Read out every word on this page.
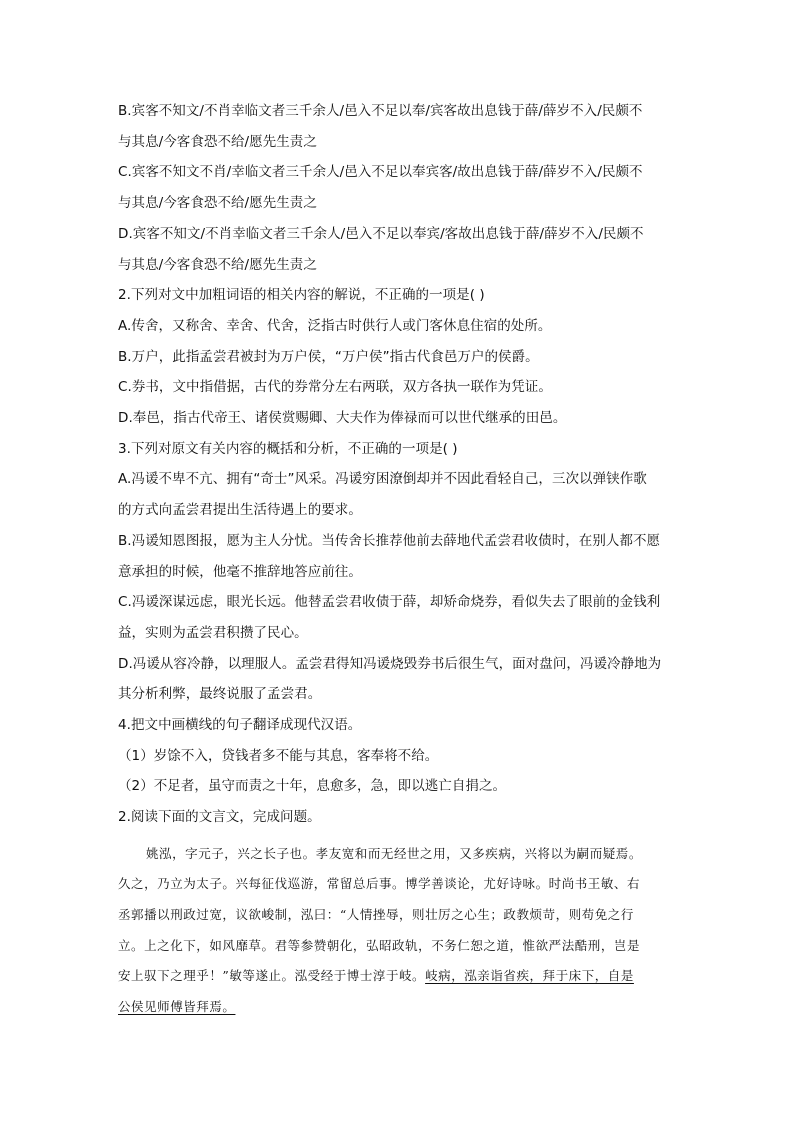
B.宾客不知文/不肖幸临文者三千余人/邑入不足以奉/宾客故出息钱于薛/薛岁不入/民颇不
与其息/今客食恐不给/愿先生责之
C.宾客不知文不肖/幸临文者三千余人/邑入不足以奉宾客/故出息钱于薛/薛岁不入/民颇不
与其息/今客食恐不给/愿先生责之
D.宾客不知文/不肖幸临文者三千余人/邑入不足以奉宾/客故出息钱于薛/薛岁不入/民颇不
与其息/今客食恐不给/愿先生责之
2.下列对文中加粗词语的相关内容的解说，不正确的一项是( )
A.传舍，又称舍、幸舍、代舍，泛指古时供行人或门客休息住宿的处所。
B.万户，此指孟尝君被封为万户侯，“万户侯”指古代食邑万户的侯爵。
C.券书，文中指借据，古代的券常分左右两联，双方各执一联作为凭证。
D.奉邑，指古代帝王、诸侯赏赐卿、大夫作为俸禄而可以世代继承的田邑。
3.下列对原文有关内容的概括和分析，不正确的一项是( )
A.冯谖不卑不亢、拥有“奇士”风采。冯谖穷困潦倒却并不因此看轻自己，三次以弹铗作歌
的方式向孟尝君提出生活待遇上的要求。
B.冯谖知恩图报，愿为主人分忧。当传舍长推荐他前去薛地代孟尝君收债时，在别人都不愿
意承担的时候，他毫不推辞地答应前往。
C.冯谖深谋远虑，眼光长远。他替孟尝君收债于薛，却矫命烧券，看似失去了眼前的金钱利
益，实则为孟尝君积攒了民心。
D.冯谖从容冷静，以理服人。孟尝君得知冯谖烧毁券书后很生气，面对盘问，冯谖冷静地为
其分析利弊，最终说服了孟尝君。
4.把文中画横线的句子翻译成现代汉语。
（1）岁馀不入，贷钱者多不能与其息，客奉将不给。
（2）不足者，虽守而责之十年，息愈多，急，即以逃亡自捐之。
2.阅读下面的文言文，完成问题。
姚泓，字元子，兴之长子也。孝友宽和而无经世之用，又多疾病，兴将以为嗣而疑焉。
久之，乃立为太子。兴每征伐巡游，常留总后事。博学善谈论，尤好诗咏。时尚书王敏、右
丞郭播以刑政过宽，议欲峻制，泓曰：“人情挫辱，则壮厉之心生；政教烦苛，则苟免之行
立。上之化下，如风靡草。君等参赞朝化，弘昭政轨，不务仁恕之道，惟欲严法酷刑，岂是
安上驭下之理乎！”敏等遂止。泓受经于博士淳于岐。岐病，泓亲诣省疾，拜于床下，自是
公侯见师傅皆拜焉。
